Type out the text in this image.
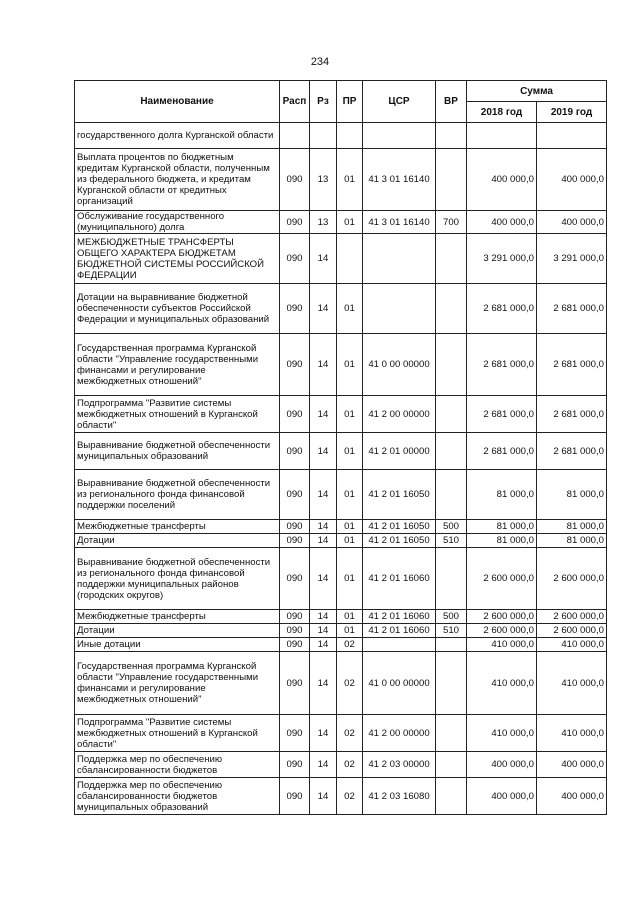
234
Наименование	Расп	Рз	ПР	ЦСР	ВР	Сумма	
						2018 год	2019 год
государственного долга Курганской области							
Выплата процентов по бюджетным кредитам Курганской области, полученным из федерального бюджета, и кредитам Курганской области от кредитных организаций	090	13	01	41 3 01 16140		400 000,0	400 000,0
Обслуживание государственного (муниципального) долга	090	13	01	41 3 01 16140	700	400 000,0	400 000,0
МЕЖБЮДЖЕТНЫЕ ТРАНСФЕРТЫ ОБЩЕГО ХАРАКТЕРА БЮДЖЕТАМ БЮДЖЕТНОЙ СИСТЕМЫ РОССИЙСКОЙ ФЕДЕРАЦИИ	090	14				3 291 000,0	3 291 000,0
Дотации на выравнивание бюджетной обеспеченности субъектов Российской Федерации и муниципальных образований	090	14	01			2 681 000,0	2 681 000,0
Государственная программа Курганской области "Управление государственными финансами и регулирование межбюджетных отношений"	090	14	01	41 0 00 00000		2 681 000,0	2 681 000,0
Подпрограмма "Развитие системы межбюджетных отношений в Курганской области"	090	14	01	41 2 00 00000		2 681 000,0	2 681 000,0
Выравнивание бюджетной обеспеченности муниципальных образований	090	14	01	41 2 01 00000		2 681 000,0	2 681 000,0
Выравнивание бюджетной обеспеченности из регионального фонда финансовой поддержки поселений	090	14	01	41 2 01 16050		81 000,0	81 000,0
Межбюджетные трансферты	090	14	01	41 2 01 16050	500	81 000,0	81 000,0
Дотации	090	14	01	41 2 01 16050	510	81 000,0	81 000,0
Выравнивание бюджетной обеспеченности из регионального фонда финансовой поддержки муниципальных районов (городских округов)	090	14	01	41 2 01 16060		2 600 000,0	2 600 000,0
Межбюджетные трансферты	090	14	01	41 2 01 16060	500	2 600 000,0	2 600 000,0
Дотации	090	14	01	41 2 01 16060	510	2 600 000,0	2 600 000,0
Иные дотации	090	14	02			410 000,0	410 000,0
Государственная программа Курганской области "Управление государственными финансами и регулирование межбюджетных отношений"	090	14	02	41 0 00 00000		410 000,0	410 000,0
Подпрограмма "Развитие системы межбюджетных отношений в Курганской области"	090	14	02	41 2 00 00000		410 000,0	410 000,0
Поддержка мер по обеспечению сбалансированности бюджетов	090	14	02	41 2 03 00000		400 000,0	400 000,0
Поддержка мер по обеспечению сбалансированности бюджетов муниципальных образований	090	14	02	41 2 03 16080		400 000,0	400 000,0
